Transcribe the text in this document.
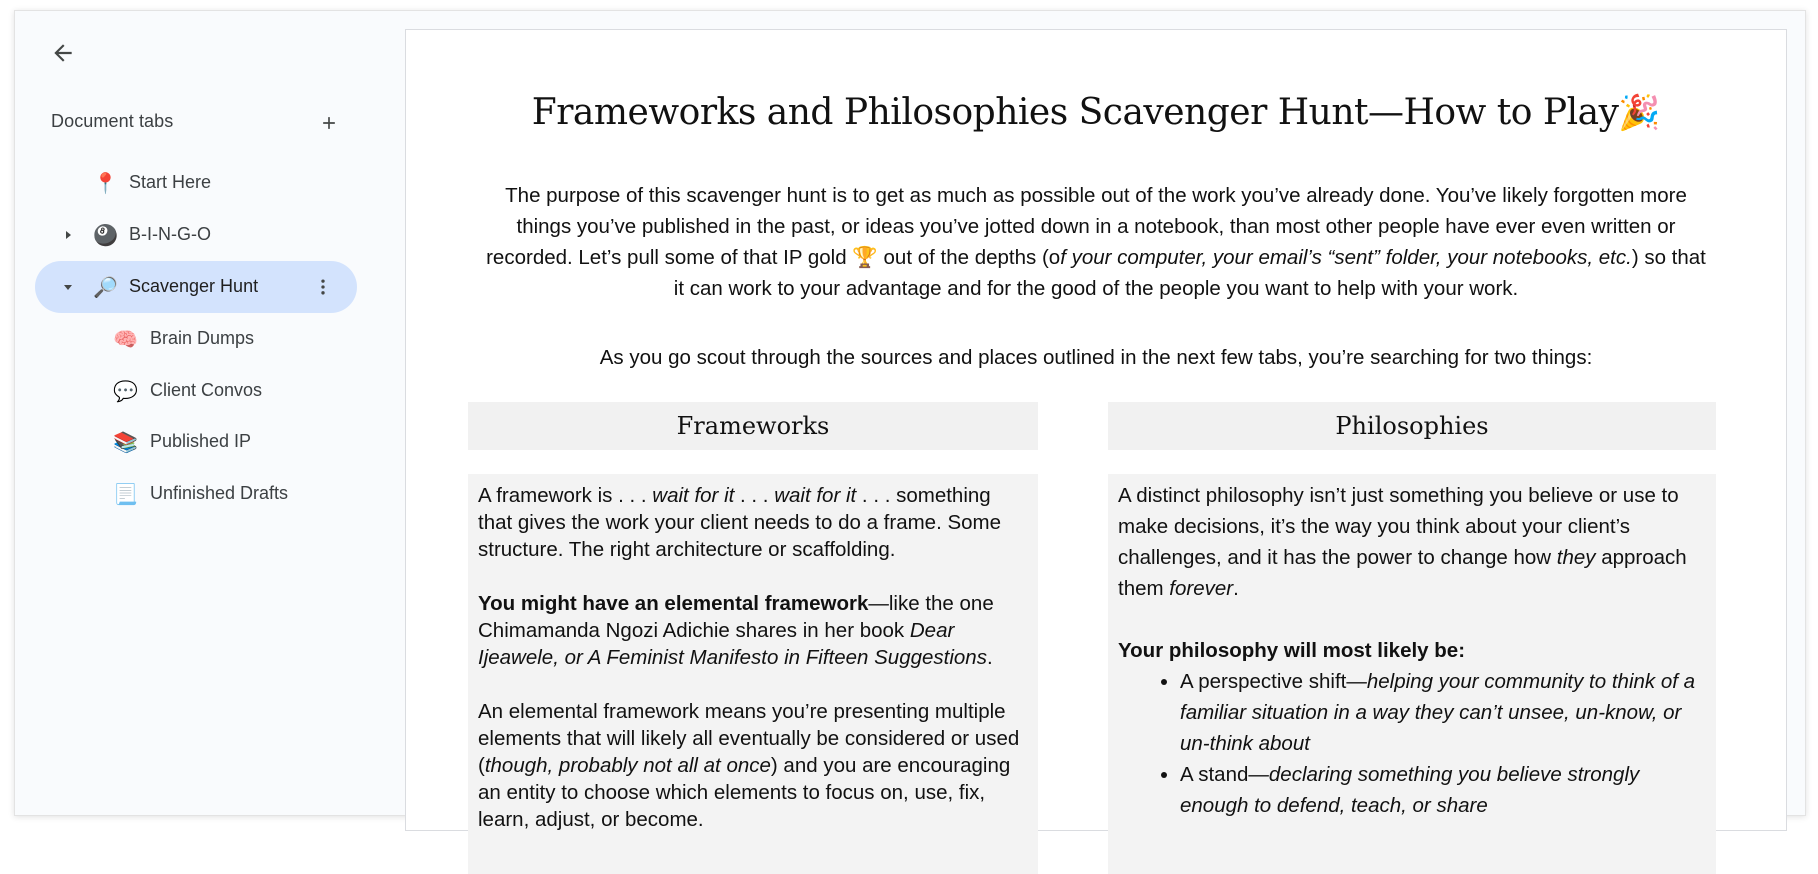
Document tabs
📍 Start Here
🎱 B-I-N-G-O
🔎 Scavenger Hunt
🧠 Brain Dumps
💬 Client Convos
📚 Published IP
📃 Unfinished Drafts
Frameworks and Philosophies Scavenger Hunt—How to Play🎉
The purpose of this scavenger hunt is to get as much as possible out of the work you’ve already done. You’ve likely forgotten more things you’ve published in the past, or ideas you’ve jotted down in a notebook, than most other people have ever even written or recorded. Let’s pull some of that IP gold 🏆 out of the depths (of your computer, your email’s “sent” folder, your notebooks, etc.) so that it can work to your advantage and for the good of the people you want to help with your work.
As you go scout through the sources and places outlined in the next few tabs, you’re searching for two things:
Frameworks

A framework is . . . wait for it . . . wait for it . . . something that gives the work your client needs to do a frame. Some structure. The right architecture or scaffolding.

You might have an elemental framework—like the one Chimamanda Ngozi Adichie shares in her book Dear Ijeawele, or A Feminist Manifesto in Fifteen Suggestions.

An elemental framework means you’re presenting multiple elements that will likely all eventually be considered or used (though, probably not all at once) and you are encouraging an entity to choose which elements to focus on, use, fix, learn, adjust, or become.

Philosophies

A distinct philosophy isn’t just something you believe or use to make decisions, it’s the way you think about your client’s challenges, and it has the power to change how they approach them forever.

Your philosophy will most likely be:

• A perspective shift—helping your community to think of a familiar situation in a way they can’t unsee, un-know, or un-think about
• A stand—declaring something you believe strongly enough to defend, teach, or share
